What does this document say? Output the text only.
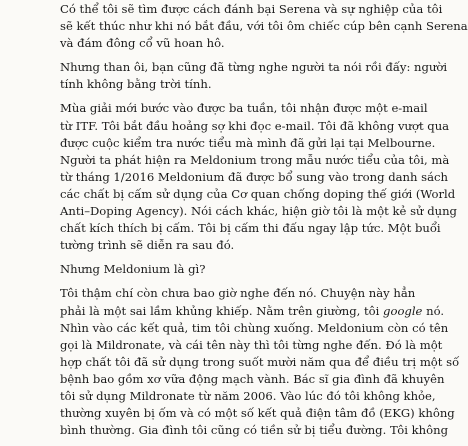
Có thể tôi sẽ tìm được cách đánh bại Serena và sự nghiệp của tôi
sẽ kết thúc như khi nó bắt đầu, với tôi ôm chiếc cúp bên cạnh Serena
và đám đông cổ vũ hoan hô.

Nhưng than ôi, bạn cũng đã từng nghe người ta nói rồi đấy: người
tính không bằng trời tính.

Mùa giải mới bước vào được ba tuần, tôi nhận được một e-mail
từ ITF. Tôi bắt đầu hoảng sợ khi đọc e-mail. Tôi đã không vượt qua
được cuộc kiểm tra nước tiểu mà mình đã gửi lại tại Melbourne.
Người ta phát hiện ra Meldonium trong mẫu nước tiểu của tôi, mà
từ tháng 1/2016 Meldonium đã được bổ sung vào trong danh sách
các chất bị cấm sử dụng của Cơ quan chống doping thế giới (World
Anti–Doping Agency). Nói cách khác, hiện giờ tôi là một kẻ sử dụng
chất kích thích bị cấm. Tôi bị cấm thi đấu ngay lập tức. Một buổi
tường trình sẽ diễn ra sau đó.

Nhưng Meldonium là gì?

Tôi thậm chí còn chưa bao giờ nghe đến nó. Chuyện này hẳn
phải là một sai lầm khủng khiếp. Nằm trên giường, tôi google nó.
Nhìn vào các kết quả, tim tôi chùng xuống. Meldonium còn có tên
gọi là Mildronate, và cái tên này thì tôi từng nghe đến. Đó là một
hợp chất tôi đã sử dụng trong suốt mười năm qua để điều trị một số
bệnh bao gồm xơ vữa động mạch vành. Bác sĩ gia đình đã khuyên
tôi sử dụng Mildronate từ năm 2006. Vào lúc đó tôi không khỏe,
thường xuyên bị ốm và có một số kết quả điện tâm đồ (EKG) không
bình thường. Gia đình tôi cũng có tiền sử bị tiểu đường. Tôi không
